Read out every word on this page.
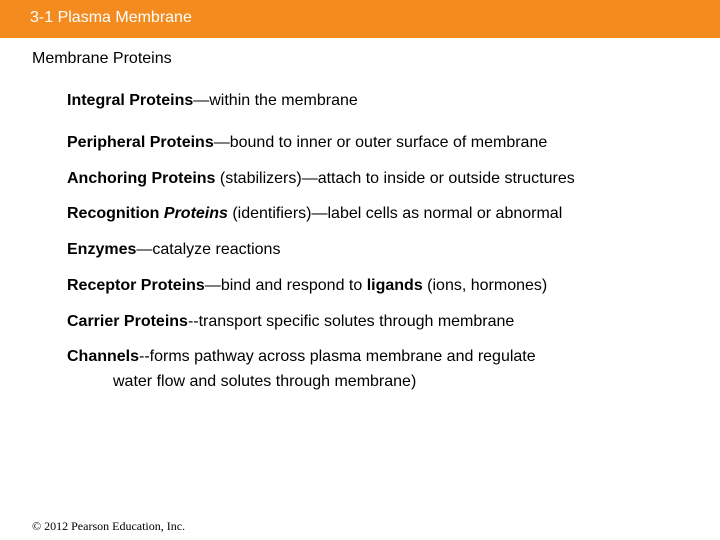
3-1 Plasma Membrane
Membrane Proteins
Integral Proteins—within the membrane
Peripheral Proteins—bound to inner or outer surface of membrane
Anchoring Proteins (stabilizers)—attach to inside or outside structures
Recognition Proteins (identifiers)—label cells as normal or abnormal
Enzymes—catalyze reactions
Receptor Proteins—bind and respond to ligands (ions, hormones)
Carrier Proteins--transport specific solutes through membrane
Channels--forms pathway across plasma membrane and regulate
water flow and solutes through membrane)
© 2012 Pearson Education, Inc.
